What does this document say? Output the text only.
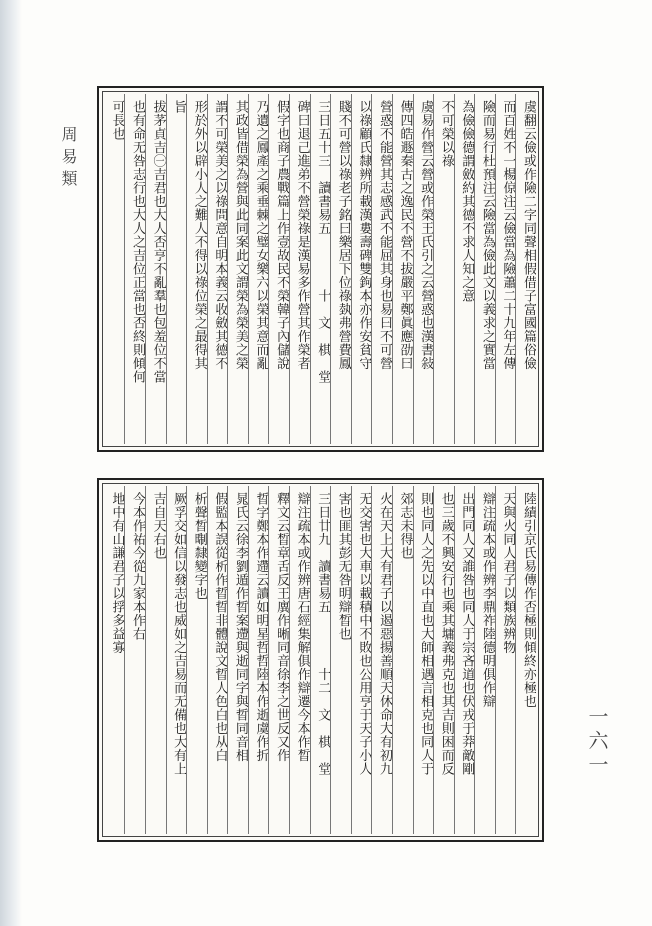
周易類	虞翻云儉或作險二字同聲相假借子富國篇俗儉
而百姓不一楊倞注云儉當為險蕭二十九年左傳
險而易行杜預注云險當為儉此文以義求之實當
為儉儉德謂斂約其德不求人知之意
不可榮以祿
虞易作營云營或作榮王氏引之云營惑也漢書敍
傳四皓遯秦古之逸民不營不拔嚴平鄭眞應劭曰
營惑不能營其志感武不能屈其身也易曰不可營
以祿顧氏隸辨所載漢婁壽碑雙鉤本亦作安貧守
賤不可營以祿老子銘曰樂居下位祿埶弗營費鳳
三日五十三　讀書易五　　　　十　文　棋　堂
碑曰退己進弟不營榮祿是漢易多作營其作榮者
假字也商子農戰篇上作壹故民不榮韓子內儲說
乃遺之鳳產之乘垂棘之璧女樂六以榮其意而亂
其政皆借榮為營與此同案此文謂榮為榮美之榮
謂不可榮美之以祿問意自明本義云收斂其德不
形於外以辟小人之難人不得以祿位榮之最得其
旨
拔茅貞吉㊀吉君也大人否亨不亂羣也包羞位不當
也有命无咎志行也大人之吉位正當也否終則傾何
可長也
陸績引京氏易傳作否極則傾終亦極也
天與火同人君子以類族辨物
辯注疏本或作辨李鼎祚陸德明俱作辯
出門同人又誰咎也同人于宗吝道也伏戎于莽敵剛
也三歲不興安行也乘其墉義弗克也其吉則困而反
則也同人之先以中直也大師相遇言相克也同人于
郊志未得也
火在天上大有君子以遏惡揚善順天休命大有初九
无交害也大車以載積中不敗也公用亨于天子小人
害也匪其彭无咎明辯晳也
三日廿九　讀書易五　　　　十二　文　棋　堂
辯注疏本或作辨唐石經集解俱作辯遷今本作晳
釋文云晳章舌反王廙作晰同音徐李之世反又作
晢字鄭本作遰云讀如明星哲哲陸本作逝虞作折
晁氏云徐李劉遁作晢案遰與逝同字與晢同音相
假監本誤從析作晢晢非體說文晢人色白也从白
析聲晳㫼隸變字也
厥孚交如信以發志也威如之吉易而无備也大有上
吉自天右也
今本作祐今從九家本作右
地中有山謙君子以捊多益寡
一六一
